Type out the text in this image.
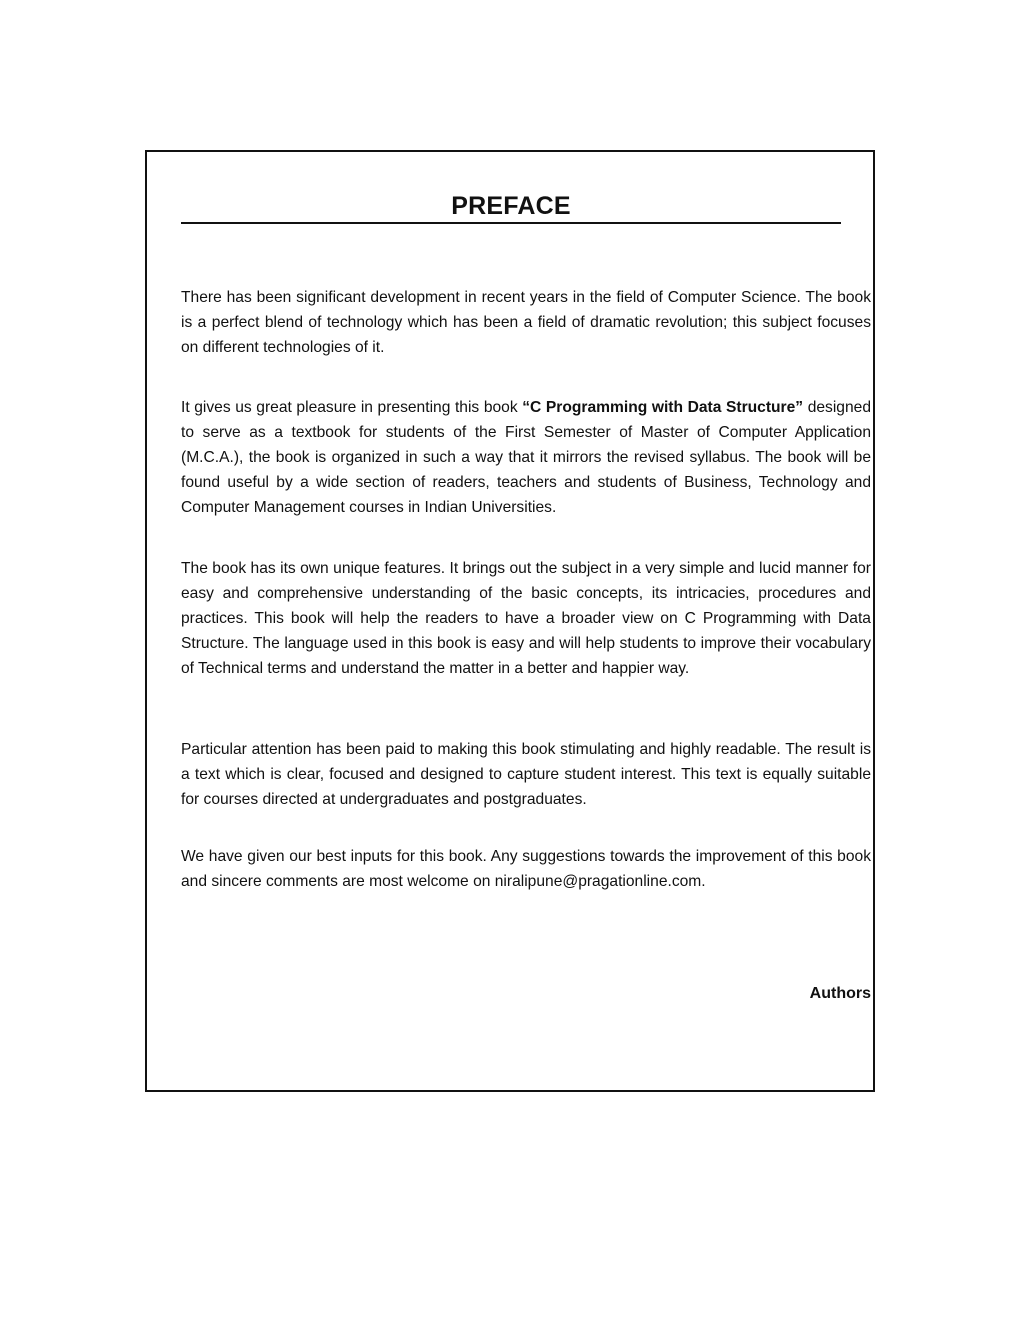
PREFACE

There has been significant development in recent years in the field of Computer Science. The book is a perfect blend of technology which has been a field of dramatic revolution; this subject focuses on different technologies of it.

It gives us great pleasure in presenting this book “C Programming with Data Structure” designed to serve as a textbook for students of the First Semester of Master of Computer Application (M.C.A.), the book is organized in such a way that it mirrors the revised syllabus. The book will be found useful by a wide section of readers, teachers and students of Business, Technology and Computer Management courses in Indian Universities.

The book has its own unique features. It brings out the subject in a very simple and lucid manner for easy and comprehensive understanding of the basic concepts, its intricacies, procedures and practices. This book will help the readers to have a broader view on C Programming with Data Structure. The language used in this book is easy and will help students to improve their vocabulary of Technical terms and understand the matter in a better and happier way.

Particular attention has been paid to making this book stimulating and highly readable. The result is a text which is clear, focused and designed to capture student interest. This text is equally suitable for courses directed at undergraduates and postgraduates.

We have given our best inputs for this book. Any suggestions towards the improvement of this book and sincere comments are most welcome on niralipune@pragationline.com.

Authors
